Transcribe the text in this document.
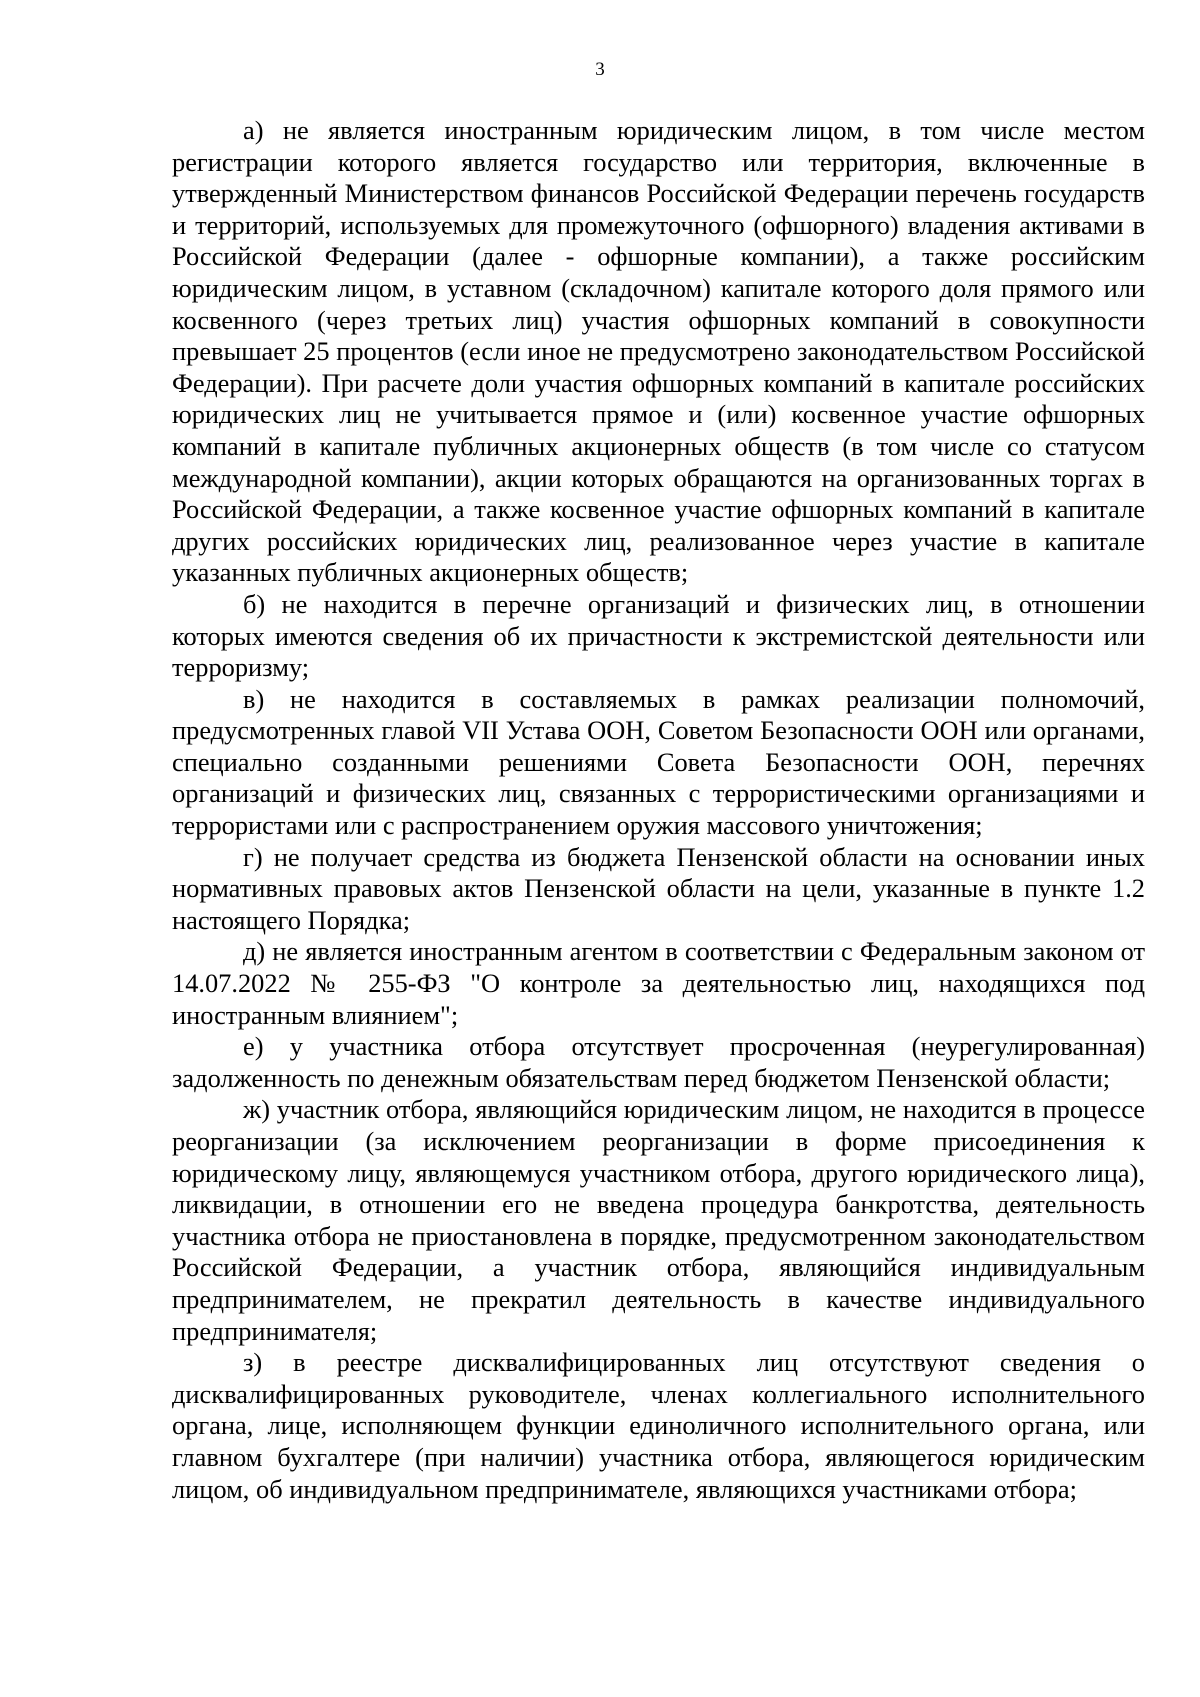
3

а) не является иностранным юридическим лицом, в том числе местом регистрации которого является государство или территория, включенные в утвержденный Министерством финансов Российской Федерации перечень государств и территорий, используемых для промежуточного (офшорного) владения активами в Российской Федерации (далее - офшорные компании), а также российским юридическим лицом, в уставном (складочном) капитале которого доля прямого или косвенного (через третьих лиц) участия офшорных компаний в совокупности превышает 25 процентов (если иное не предусмотрено законодательством Российской Федерации). При расчете доли участия офшорных компаний в капитале российских юридических лиц не учитывается прямое и (или) косвенное участие офшорных компаний в капитале публичных акционерных обществ (в том числе со статусом международной компании), акции которых обращаются на организованных торгах в Российской Федерации, а также косвенное участие офшорных компаний в капитале других российских юридических лиц, реализованное через участие в капитале указанных публичных акционерных обществ;

б) не находится в перечне организаций и физических лиц, в отношении которых имеются сведения об их причастности к экстремистской деятельности или терроризму;

в) не находится в составляемых в рамках реализации полномочий, предусмотренных главой VII Устава ООН, Советом Безопасности ООН или органами, специально созданными решениями Совета Безопасности ООН, перечнях организаций и физических лиц, связанных с террористическими организациями и террористами или с распространением оружия массового уничтожения;

г) не получает средства из бюджета Пензенской области на основании иных нормативных правовых актов Пензенской области на цели, указанные в пункте 1.2 настоящего Порядка;

д) не является иностранным агентом в соответствии с Федеральным законом от 14.07.2022 № 255-ФЗ "О контроле за деятельностью лиц, находящихся под иностранным влиянием";

е) у участника отбора отсутствует просроченная (неурегулированная) задолженность по денежным обязательствам перед бюджетом Пензенской области;

ж) участник отбора, являющийся юридическим лицом, не находится в процессе реорганизации (за исключением реорганизации в форме присоединения к юридическому лицу, являющемуся участником отбора, другого юридического лица), ликвидации, в отношении его не введена процедура банкротства, деятельность участника отбора не приостановлена в порядке, предусмотренном законодательством Российской Федерации, а участник отбора, являющийся индивидуальным предпринимателем, не прекратил деятельность в качестве индивидуального предпринимателя;

з) в реестре дисквалифицированных лиц отсутствуют сведения о дисквалифицированных руководителе, членах коллегиального исполнительного органа, лице, исполняющем функции единоличного исполнительного органа, или главном бухгалтере (при наличии) участника отбора, являющегося юридическим лицом, об индивидуальном предпринимателе, являющихся участниками отбора;
